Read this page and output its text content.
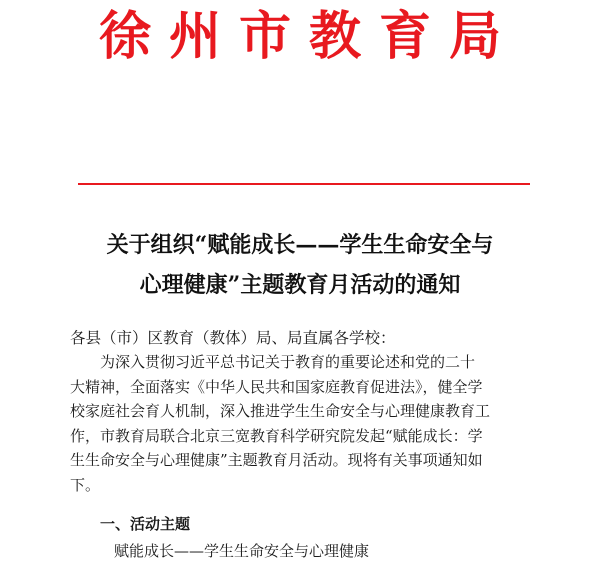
徐州市教育局
关于组织“赋能成长——学生生命安全与
心理健康”主题教育月活动的通知
各县（市）区教育（教体）局、局直属各学校：
为深入贯彻习近平总书记关于教育的重要论述和党的二十
大精神，全面落实《中华人民共和国家庭教育促进法》，健全学
校家庭社会育人机制，深入推进学生生命安全与心理健康教育工
作，市教育局联合北京三宽教育科学研究院发起“赋能成长：学
生生命安全与心理健康”主题教育月活动。现将有关事项通知如
下。
一、活动主题
赋能成长——学生生命安全与心理健康
